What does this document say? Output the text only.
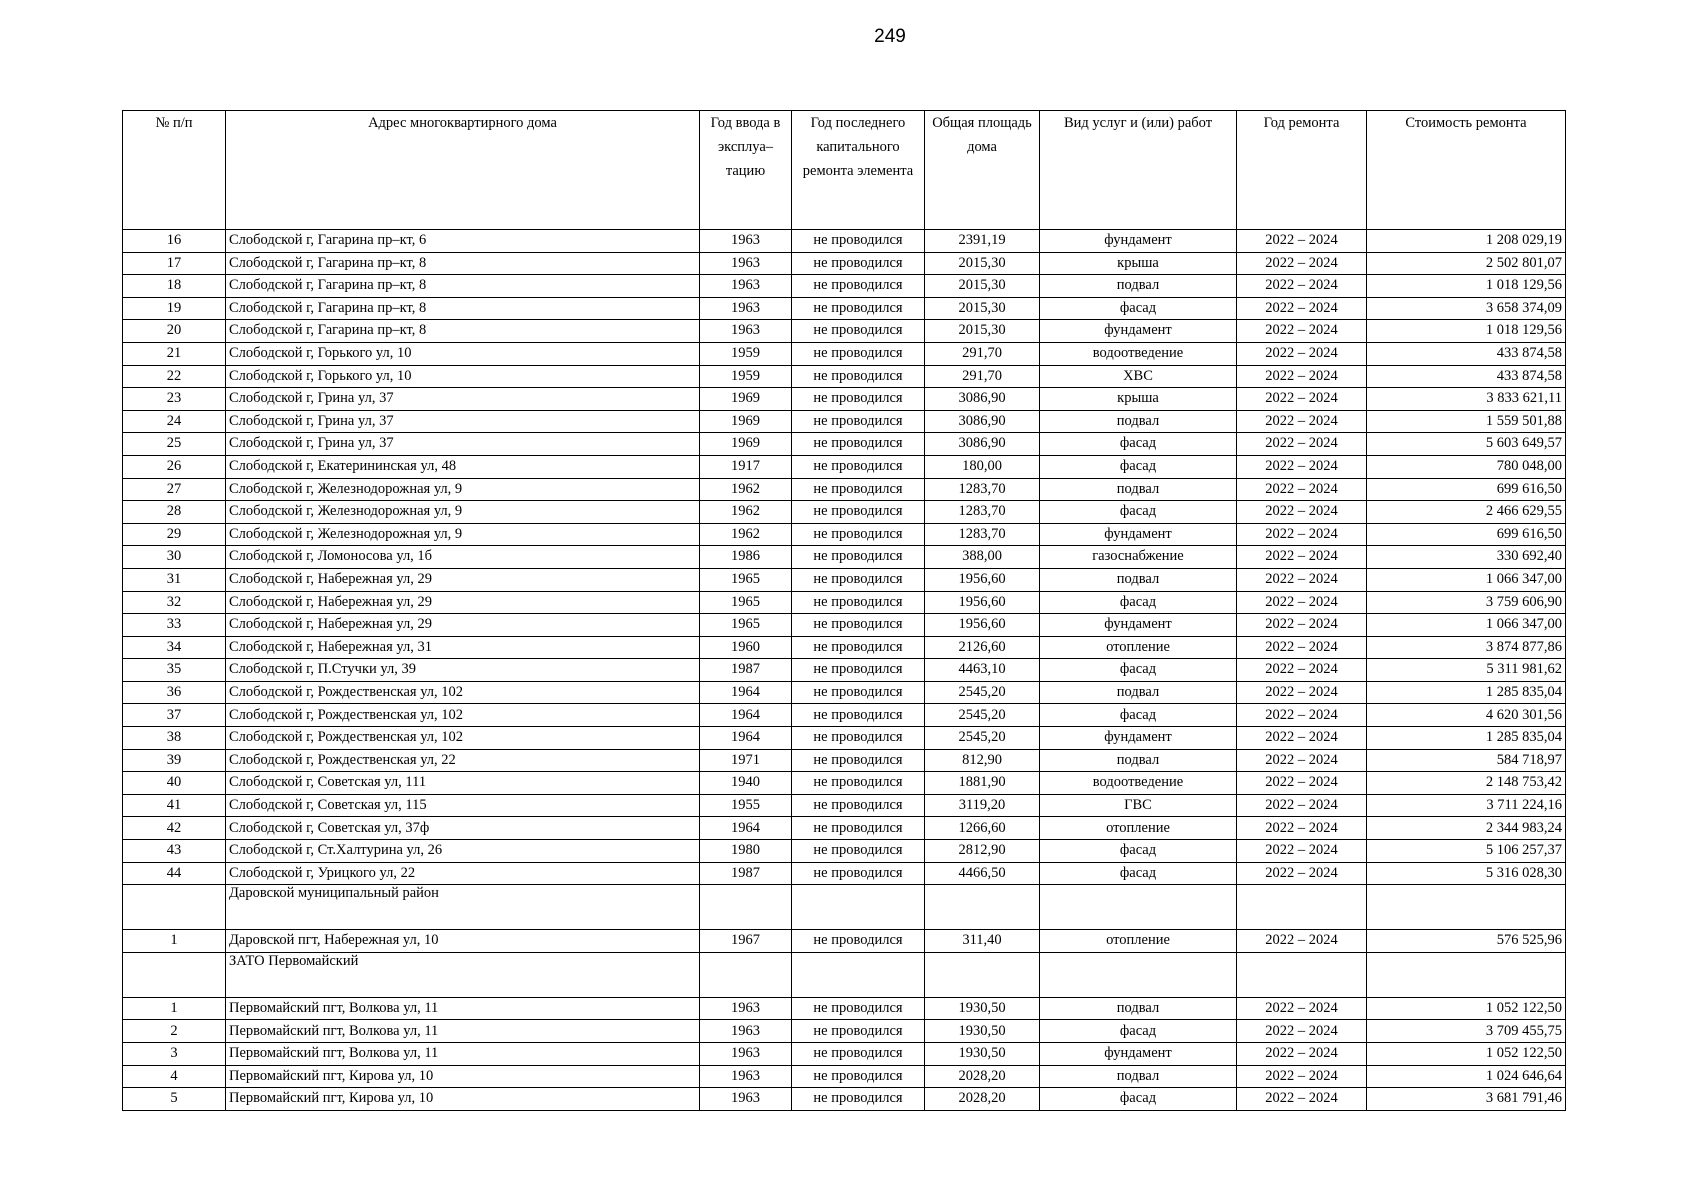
249
№ п/п	Адрес многоквартирного дома	Год ввода в эксплуа– тацию	Год последнего капитального ремонта элемента	Общая площадь дома	Вид услуг и (или) работ	Год ремонта	Стоимость ремонта
16	Слободской г, Гагарина пр–кт, 6	1963	не проводился	2391,19	фундамент	2022 – 2024	1 208 029,19
17	Слободской г, Гагарина пр–кт, 8	1963	не проводился	2015,30	крыша	2022 – 2024	2 502 801,07
18	Слободской г, Гагарина пр–кт, 8	1963	не проводился	2015,30	подвал	2022 – 2024	1 018 129,56
19	Слободской г, Гагарина пр–кт, 8	1963	не проводился	2015,30	фасад	2022 – 2024	3 658 374,09
20	Слободской г, Гагарина пр–кт, 8	1963	не проводился	2015,30	фундамент	2022 – 2024	1 018 129,56
21	Слободской г, Горького ул, 10	1959	не проводился	291,70	водоотведение	2022 – 2024	433 874,58
22	Слободской г, Горького ул, 10	1959	не проводился	291,70	ХВС	2022 – 2024	433 874,58
23	Слободской г, Грина ул, 37	1969	не проводился	3086,90	крыша	2022 – 2024	3 833 621,11
24	Слободской г, Грина ул, 37	1969	не проводился	3086,90	подвал	2022 – 2024	1 559 501,88
25	Слободской г, Грина ул, 37	1969	не проводился	3086,90	фасад	2022 – 2024	5 603 649,57
26	Слободской г, Екатерининская ул, 48	1917	не проводился	180,00	фасад	2022 – 2024	780 048,00
27	Слободской г, Железнодорожная ул, 9	1962	не проводился	1283,70	подвал	2022 – 2024	699 616,50
28	Слободской г, Железнодорожная ул, 9	1962	не проводился	1283,70	фасад	2022 – 2024	2 466 629,55
29	Слободской г, Железнодорожная ул, 9	1962	не проводился	1283,70	фундамент	2022 – 2024	699 616,50
30	Слободской г, Ломоносова ул, 1б	1986	не проводился	388,00	газоснабжение	2022 – 2024	330 692,40
31	Слободской г, Набережная ул, 29	1965	не проводился	1956,60	подвал	2022 – 2024	1 066 347,00
32	Слободской г, Набережная ул, 29	1965	не проводился	1956,60	фасад	2022 – 2024	3 759 606,90
33	Слободской г, Набережная ул, 29	1965	не проводился	1956,60	фундамент	2022 – 2024	1 066 347,00
34	Слободской г, Набережная ул, 31	1960	не проводился	2126,60	отопление	2022 – 2024	3 874 877,86
35	Слободской г, П.Стучки ул, 39	1987	не проводился	4463,10	фасад	2022 – 2024	5 311 981,62
36	Слободской г, Рождественская ул, 102	1964	не проводился	2545,20	подвал	2022 – 2024	1 285 835,04
37	Слободской г, Рождественская ул, 102	1964	не проводился	2545,20	фасад	2022 – 2024	4 620 301,56
38	Слободской г, Рождественская ул, 102	1964	не проводился	2545,20	фундамент	2022 – 2024	1 285 835,04
39	Слободской г, Рождественская ул, 22	1971	не проводился	812,90	подвал	2022 – 2024	584 718,97
40	Слободской г, Советская ул, 111	1940	не проводился	1881,90	водоотведение	2022 – 2024	2 148 753,42
41	Слободской г, Советская ул, 115	1955	не проводился	3119,20	ГВС	2022 – 2024	3 711 224,16
42	Слободской г, Советская ул, 37ф	1964	не проводился	1266,60	отопление	2022 – 2024	2 344 983,24
43	Слободской г, Ст.Халтурина ул, 26	1980	не проводился	2812,90	фасад	2022 – 2024	5 106 257,37
44	Слободской г, Урицкого ул, 22	1987	не проводился	4466,50	фасад	2022 – 2024	5 316 028,30
	Даровской муниципальный район						
1	Даровской пгт, Набережная ул, 10	1967	не проводился	311,40	отопление	2022 – 2024	576 525,96
	ЗАТО Первомайский						
1	Первомайский пгт, Волкова ул, 11	1963	не проводился	1930,50	подвал	2022 – 2024	1 052 122,50
2	Первомайский пгт, Волкова ул, 11	1963	не проводился	1930,50	фасад	2022 – 2024	3 709 455,75
3	Первомайский пгт, Волкова ул, 11	1963	не проводился	1930,50	фундамент	2022 – 2024	1 052 122,50
4	Первомайский пгт, Кирова ул, 10	1963	не проводился	2028,20	подвал	2022 – 2024	1 024 646,64
5	Первомайский пгт, Кирова ул, 10	1963	не проводился	2028,20	фасад	2022 – 2024	3 681 791,46
